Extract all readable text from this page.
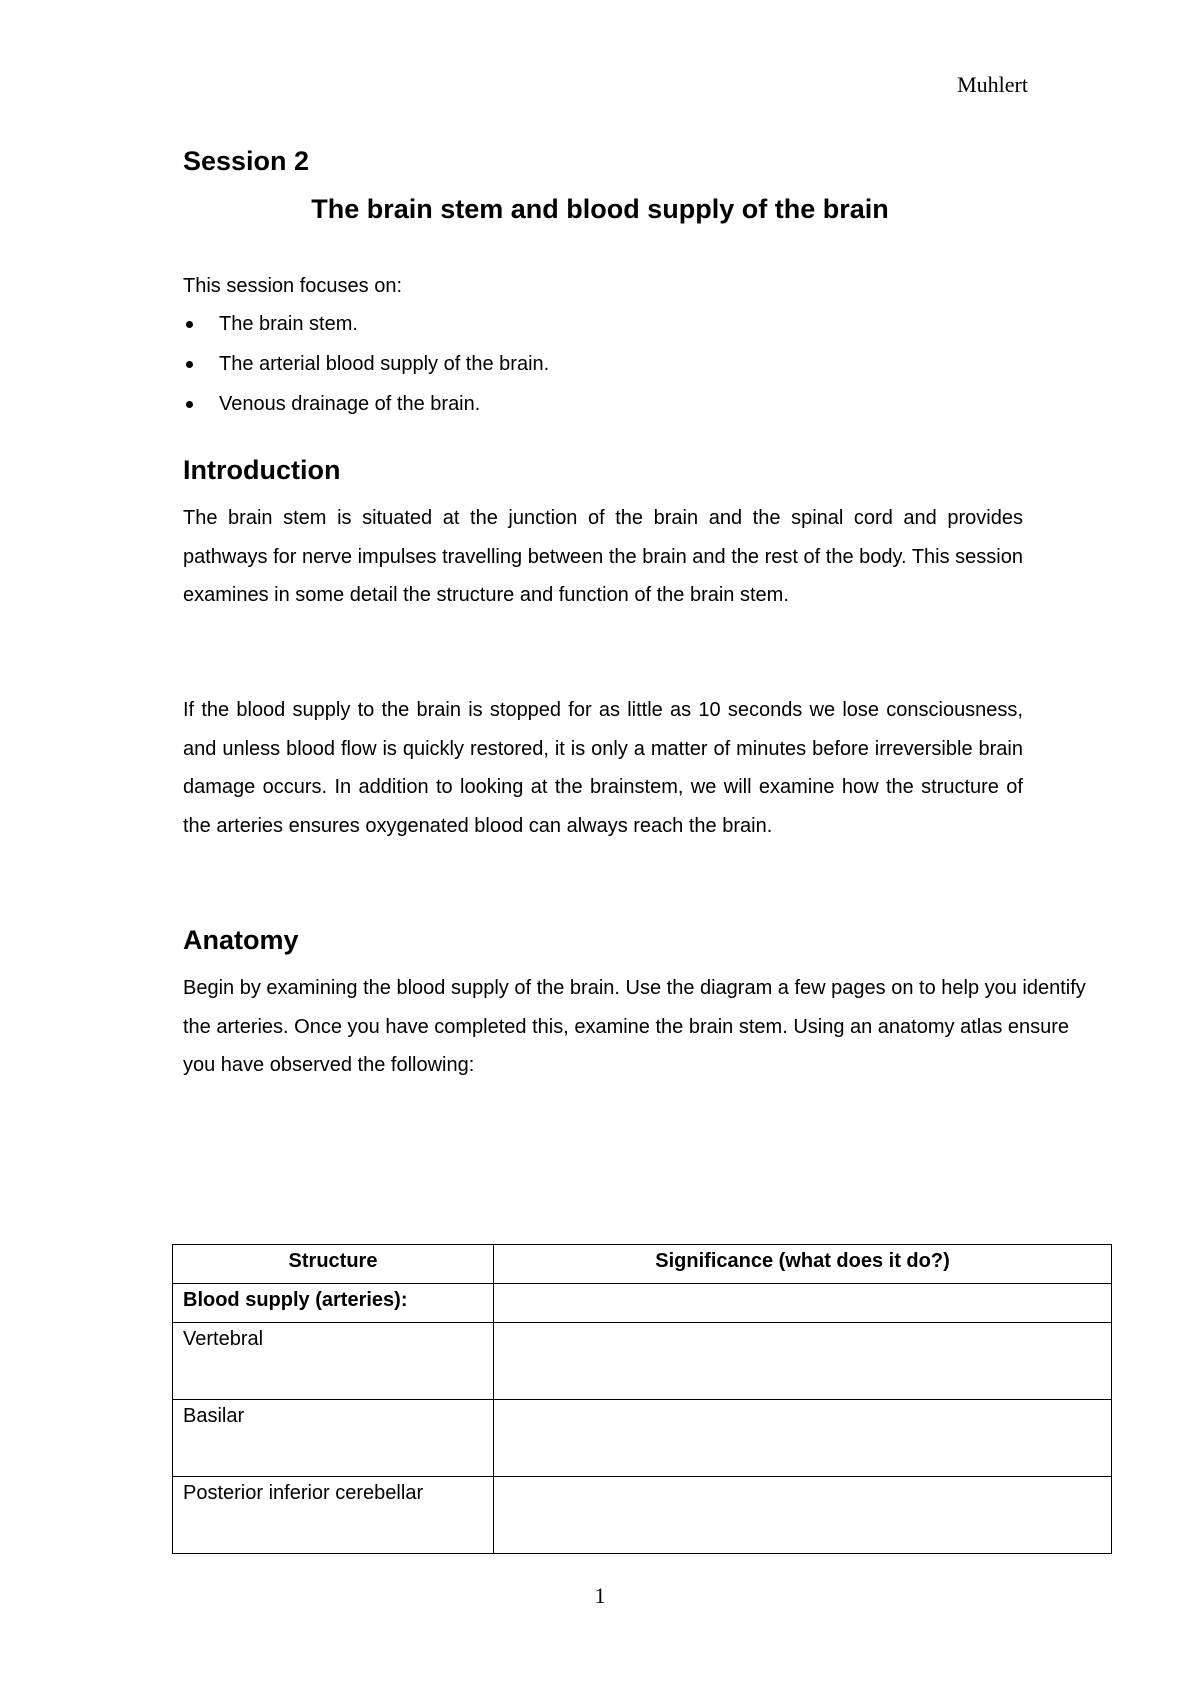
Muhlert
Session 2
The brain stem and blood supply of the brain
This session focuses on:
The brain stem.
The arterial blood supply of the brain.
Venous drainage of the brain.
Introduction

The brain stem is situated at the junction of the brain and the spinal cord and provides pathways for nerve impulses travelling between the brain and the rest of the body. This session examines in some detail the structure and function of the brain stem.

If the blood supply to the brain is stopped for as little as 10 seconds we lose consciousness, and unless blood flow is quickly restored, it is only a matter of minutes before irreversible brain damage occurs. In addition to looking at the brainstem, we will examine how the structure of the arteries ensures oxygenated blood can always reach the brain.

Anatomy

Begin by examining the blood supply of the brain. Use the diagram a few pages on to help you identify the arteries. Once you have completed this, examine the brain stem. Using an anatomy atlas ensure you have observed the following:

Structure	Significance (what does it do?)
Blood supply (arteries):	
Vertebral	
Basilar	
Posterior inferior cerebellar	
1
